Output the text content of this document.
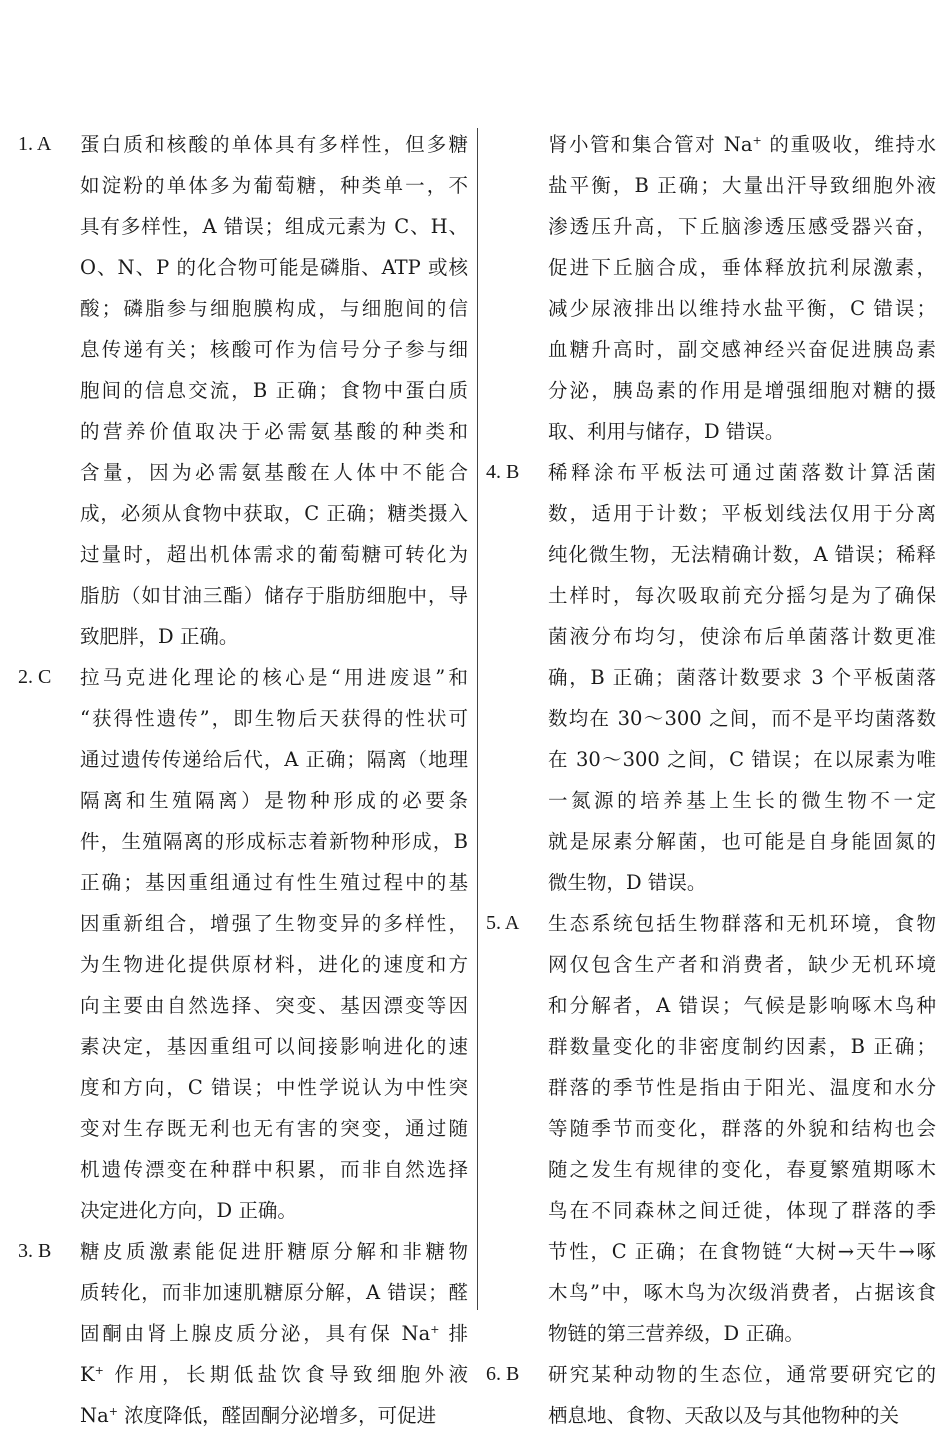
1. A 蛋白质和核酸的单体具有多样性，但多糖
如淀粉的单体多为葡萄糖，种类单一，不
具有多样性，A 错误；组成元素为 C、H、
O、N、P 的化合物可能是磷脂、ATP 或核
酸；磷脂参与细胞膜构成，与细胞间的信
息传递有关；核酸可作为信号分子参与细
胞间的信息交流，B 正确；食物中蛋白质
的营养价值取决于必需氨基酸的种类和
含量，因为必需氨基酸在人体中不能合
成，必须从食物中获取，C 正确；糖类摄入
过量时，超出机体需求的葡萄糖可转化为
脂肪（如甘油三酯）储存于脂肪细胞中，导
致肥胖，D 正确。
2. C 拉马克进化理论的核心是“用进废退”和
“获得性遗传”，即生物后天获得的性状可
通过遗传传递给后代，A 正确；隔离（地理
隔离和生殖隔离）是物种形成的必要条
件，生殖隔离的形成标志着新物种形成，B
正确；基因重组通过有性生殖过程中的基
因重新组合，增强了生物变异的多样性，
为生物进化提供原材料，进化的速度和方
向主要由自然选择、突变、基因漂变等因
素决定，基因重组可以间接影响进化的速
度和方向，C 错误；中性学说认为中性突
变对生存既无利也无有害的突变，通过随
机遗传漂变在种群中积累，而非自然选择
决定进化方向，D 正确。
3. B 糖皮质激素能促进肝糖原分解和非糖物
质转化，而非加速肌糖原分解，A 错误；醛
固酮由肾上腺皮质分泌，具有保 Na+ 排
K+ 作用，长期低盐饮食导致细胞外液
Na+ 浓度降低，醛固酮分泌增多，可促进
肾小管和集合管对 Na+ 的重吸收，维持水
盐平衡，B 正确；大量出汗导致细胞外液
渗透压升高，下丘脑渗透压感受器兴奋，
促进下丘脑合成，垂体释放抗利尿激素，
减少尿液排出以维持水盐平衡，C 错误；
血糖升高时，副交感神经兴奋促进胰岛素
分泌，胰岛素的作用是增强细胞对糖的摄
取、利用与储存，D 错误。
4. B 稀释涂布平板法可通过菌落数计算活菌
数，适用于计数；平板划线法仅用于分离
纯化微生物，无法精确计数，A 错误；稀释
土样时，每次吸取前充分摇匀是为了确保
菌液分布均匀，使涂布后单菌落计数更准
确，B 正确；菌落计数要求 3 个平板菌落
数均在 30～300 之间，而不是平均菌落数
在 30～300 之间，C 错误；在以尿素为唯
一氮源的培养基上生长的微生物不一定
就是尿素分解菌，也可能是自身能固氮的
微生物，D 错误。
5. A 生态系统包括生物群落和无机环境，食物
网仅包含生产者和消费者，缺少无机环境
和分解者，A 错误；气候是影响啄木鸟种
群数量变化的非密度制约因素，B 正确；
群落的季节性是指由于阳光、温度和水分
等随季节而变化，群落的外貌和结构也会
随之发生有规律的变化，春夏繁殖期啄木
鸟在不同森林之间迁徙，体现了群落的季
节性，C 正确；在食物链“大树→天牛→啄
木鸟”中，啄木鸟为次级消费者，占据该食
物链的第三营养级，D 正确。
6. B 研究某种动物的生态位，通常要研究它的
栖息地、食物、天敌以及与其他物种的关
